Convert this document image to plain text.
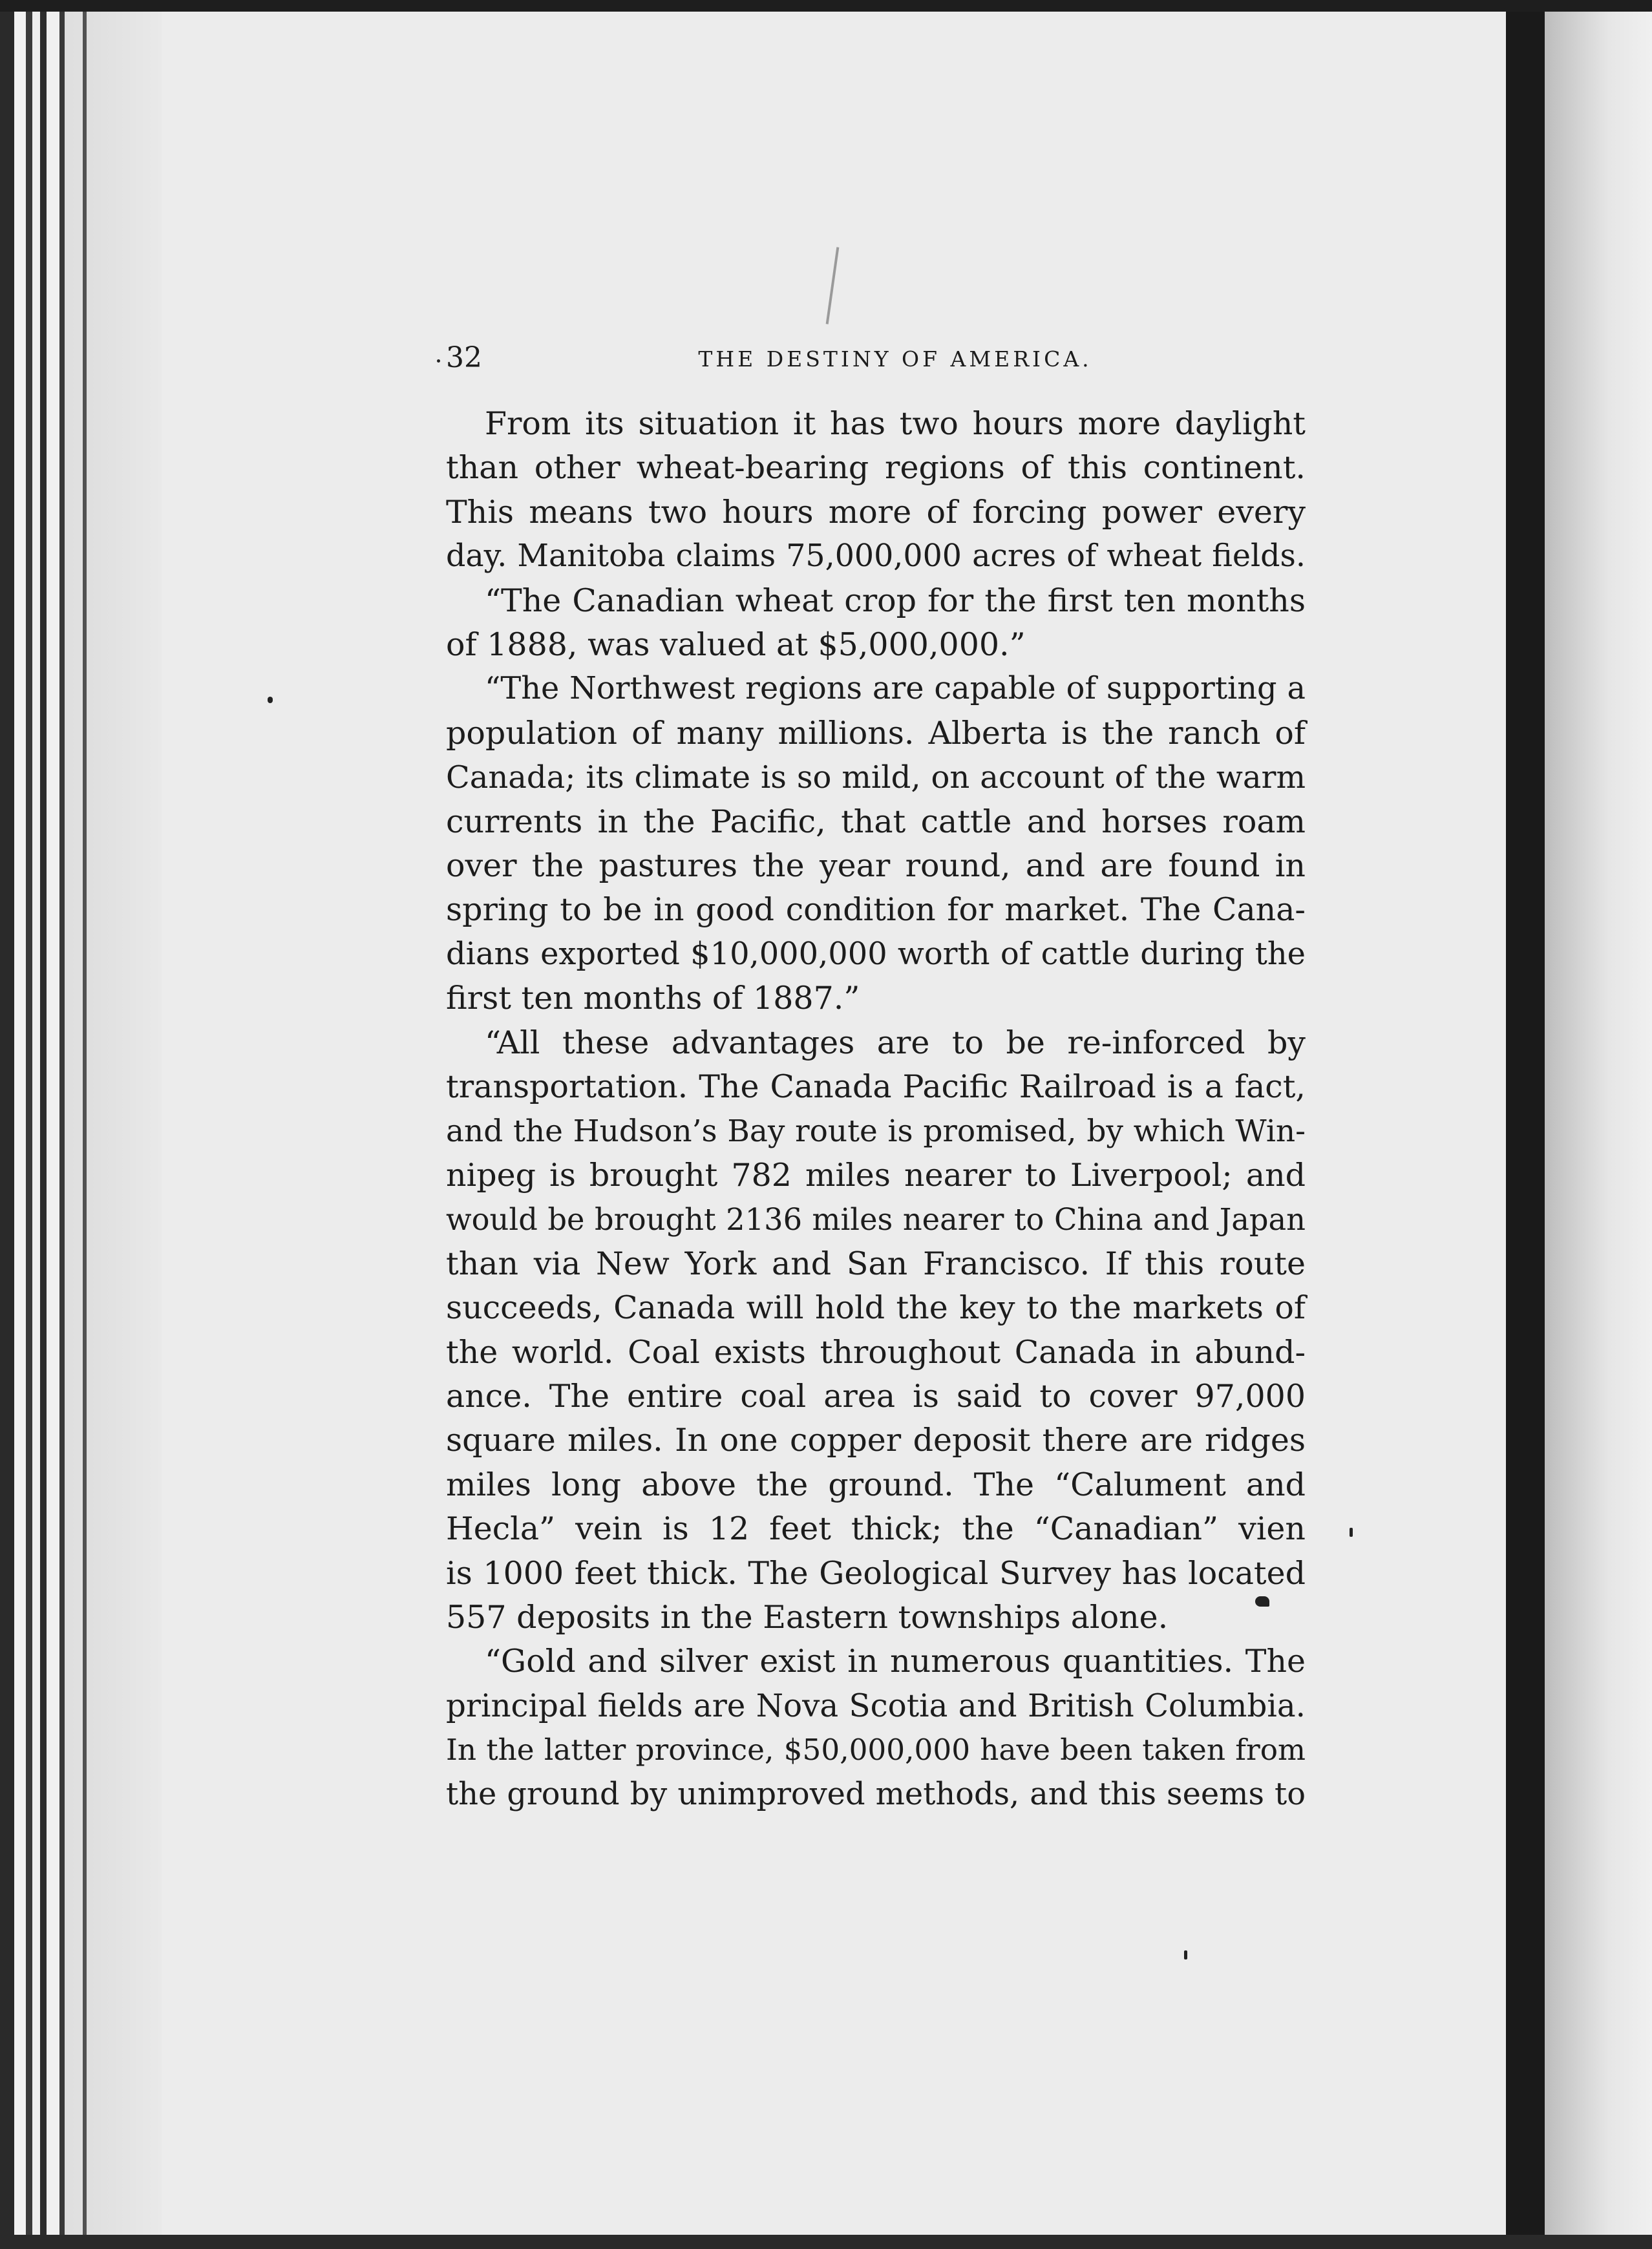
32	THE DESTINY OF AMERICA.
From its situation it has two hours more daylight
than other wheat-bearing regions of this continent.
This means two hours more of forcing power every
day. Manitoba claims 75,000,000 acres of wheat fields.
“The Canadian wheat crop for the first ten months
of 1888, was valued at $5,000,000.”
“The Northwest regions are capable of supporting a
population of many millions. Alberta is the ranch of
Canada; its climate is so mild, on account of the warm
currents in the Pacific, that cattle and horses roam
over the pastures the year round, and are found in
spring to be in good condition for market. The Cana-
dians exported $10,000,000 worth of cattle during the
first ten months of 1887.”
“All these advantages are to be re-inforced by
transportation. The Canada Pacific Railroad is a fact,
and the Hudson’s Bay route is promised, by which Win-
nipeg is brought 782 miles nearer to Liverpool; and
would be brought 2136 miles nearer to China and Japan
than via New York and San Francisco. If this route
succeeds, Canada will hold the key to the markets of
the world. Coal exists throughout Canada in abund-
ance. The entire coal area is said to cover 97,000
square miles. In one copper deposit there are ridges
miles long above the ground. The “Calument and
Hecla” vein is 12 feet thick; the “Canadian” vien
is 1000 feet thick. The Geological Survey has located
557 deposits in the Eastern townships alone.
“Gold and silver exist in numerous quantities. The
principal fields are Nova Scotia and British Columbia.
In the latter province, $50,000,000 have been taken from
the ground by unimproved methods, and this seems to
